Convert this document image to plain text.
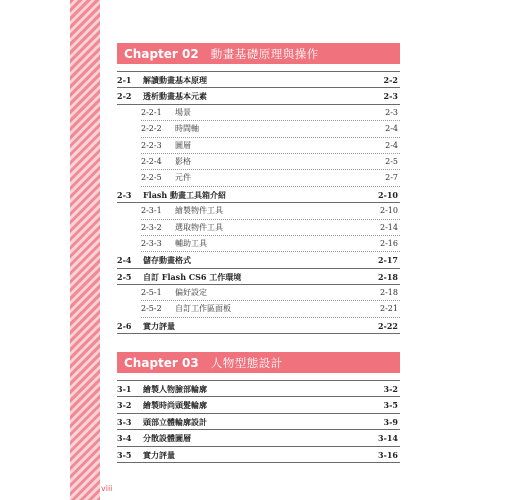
Chapter 02	動畫基礎原理與操作
2-1 解讀動畫基本原理	2-2
2-2 透析動畫基本元素	2-3
2-2-1 場景	2-3
2-2-2 時間軸	2-4
2-2-3 圖層	2-4
2-2-4 影格	2-5
2-2-5 元件	2-7
2-3 Flash 動畫工具箱介紹	2-10
2-3-1 繪製物件工具	2-10
2-3-2 選取物件工具	2-14
2-3-3 輔助工具	2-16
2-4 儲存動畫格式	2-17
2-5 自訂 Flash CS6 工作環境	2-18
2-5-1 偏好設定	2-18
2-5-2 自訂工作區面板	2-21
2-6 實力評量	2-22
Chapter 03	人物型態設計
3-1 繪製人物臉部輪廓	3-2
3-2 繪製時尚頭髮輪廓	3-5
3-3 頭部立體輪廓設計	3-9
3-4 分散設體圖層	3-14
3-5 實力評量	3-16
viii
